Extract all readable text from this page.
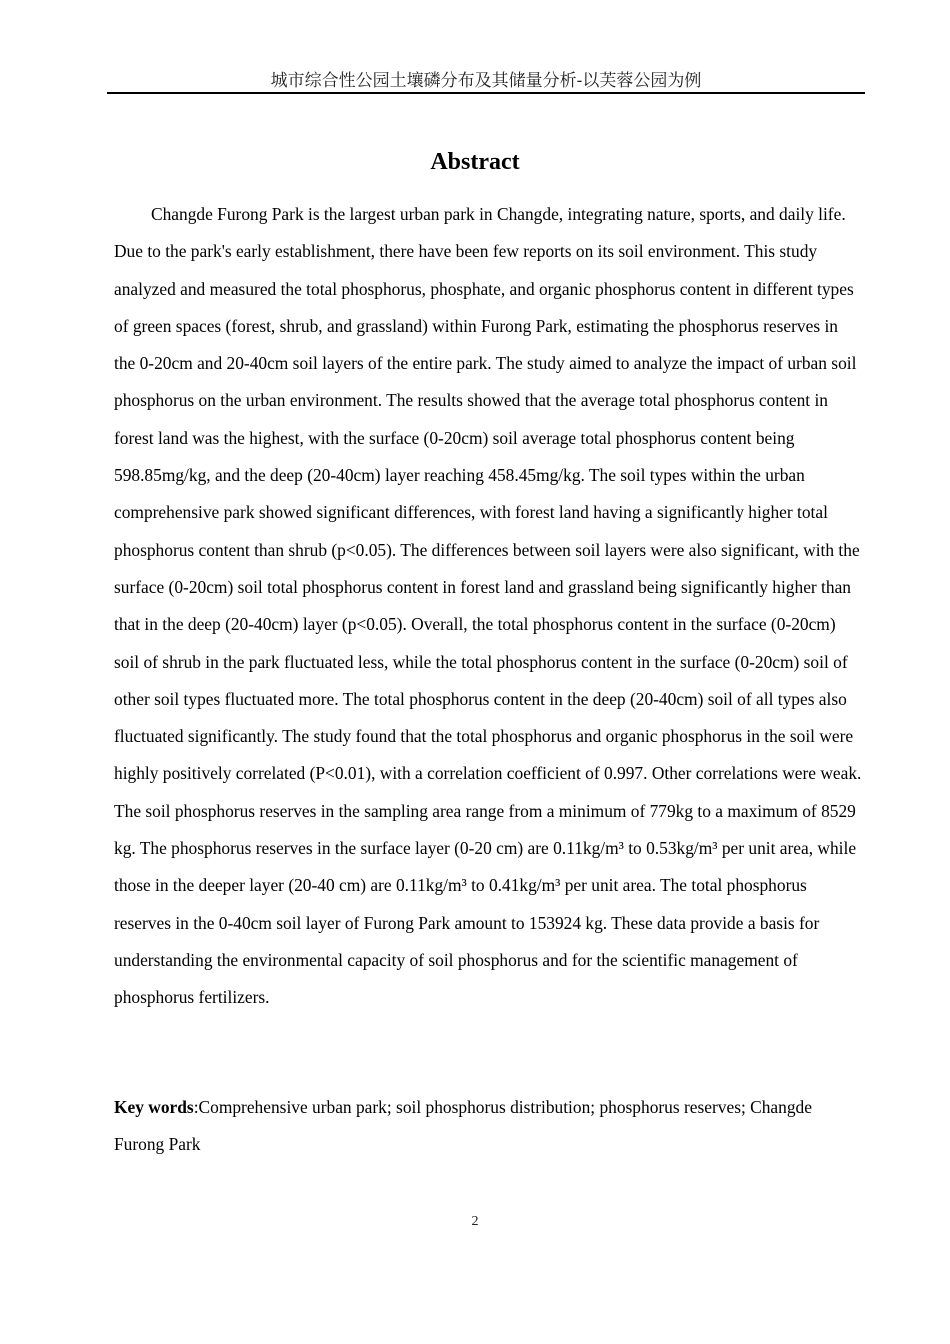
城市综合性公园土壤磷分布及其储量分析-以芙蓉公园为例
Abstract

Changde Furong Park is the largest urban park in Changde, integrating nature, sports, and daily life. Due to the park's early establishment, there have been few reports on its soil environment. This study analyzed and measured the total phosphorus, phosphate, and organic phosphorus content in different types of green spaces (forest, shrub, and grassland) within Furong Park, estimating the phosphorus reserves in the 0-20cm and 20-40cm soil layers of the entire park. The study aimed to analyze the impact of urban soil phosphorus on the urban environment. The results showed that the average total phosphorus content in forest land was the highest, with the surface (0-20cm) soil average total phosphorus content being 598.85mg/kg, and the deep (20-40cm) layer reaching 458.45mg/kg. The soil types within the urban comprehensive park showed significant differences, with forest land having a significantly higher total phosphorus content than shrub (p<0.05). The differences between soil layers were also significant, with the surface (0-20cm) soil total phosphorus content in forest land and grassland being significantly higher than that in the deep (20-40cm) layer (p<0.05). Overall, the total phosphorus content in the surface (0-20cm) soil of shrub in the park fluctuated less, while the total phosphorus content in the surface (0-20cm) soil of other soil types fluctuated more. The total phosphorus content in the deep (20-40cm) soil of all types also fluctuated significantly. The study found that the total phosphorus and organic phosphorus in the soil were highly positively correlated (P<0.01), with a correlation coefficient of 0.997. Other correlations were weak. The soil phosphorus reserves in the sampling area range from a minimum of 779kg to a maximum of 8529 kg. The phosphorus reserves in the surface layer (0-20 cm) are 0.11kg/m³ to 0.53kg/m³ per unit area, while those in the deeper layer (20-40 cm) are 0.11kg/m³ to 0.41kg/m³ per unit area. The total phosphorus reserves in the 0-40cm soil layer of Furong Park amount to 153924 kg. These data provide a basis for understanding the environmental capacity of soil phosphorus and for the scientific management of phosphorus fertilizers.

Key words:Comprehensive urban park; soil phosphorus distribution; phosphorus reserves; Changde Furong Park

2
